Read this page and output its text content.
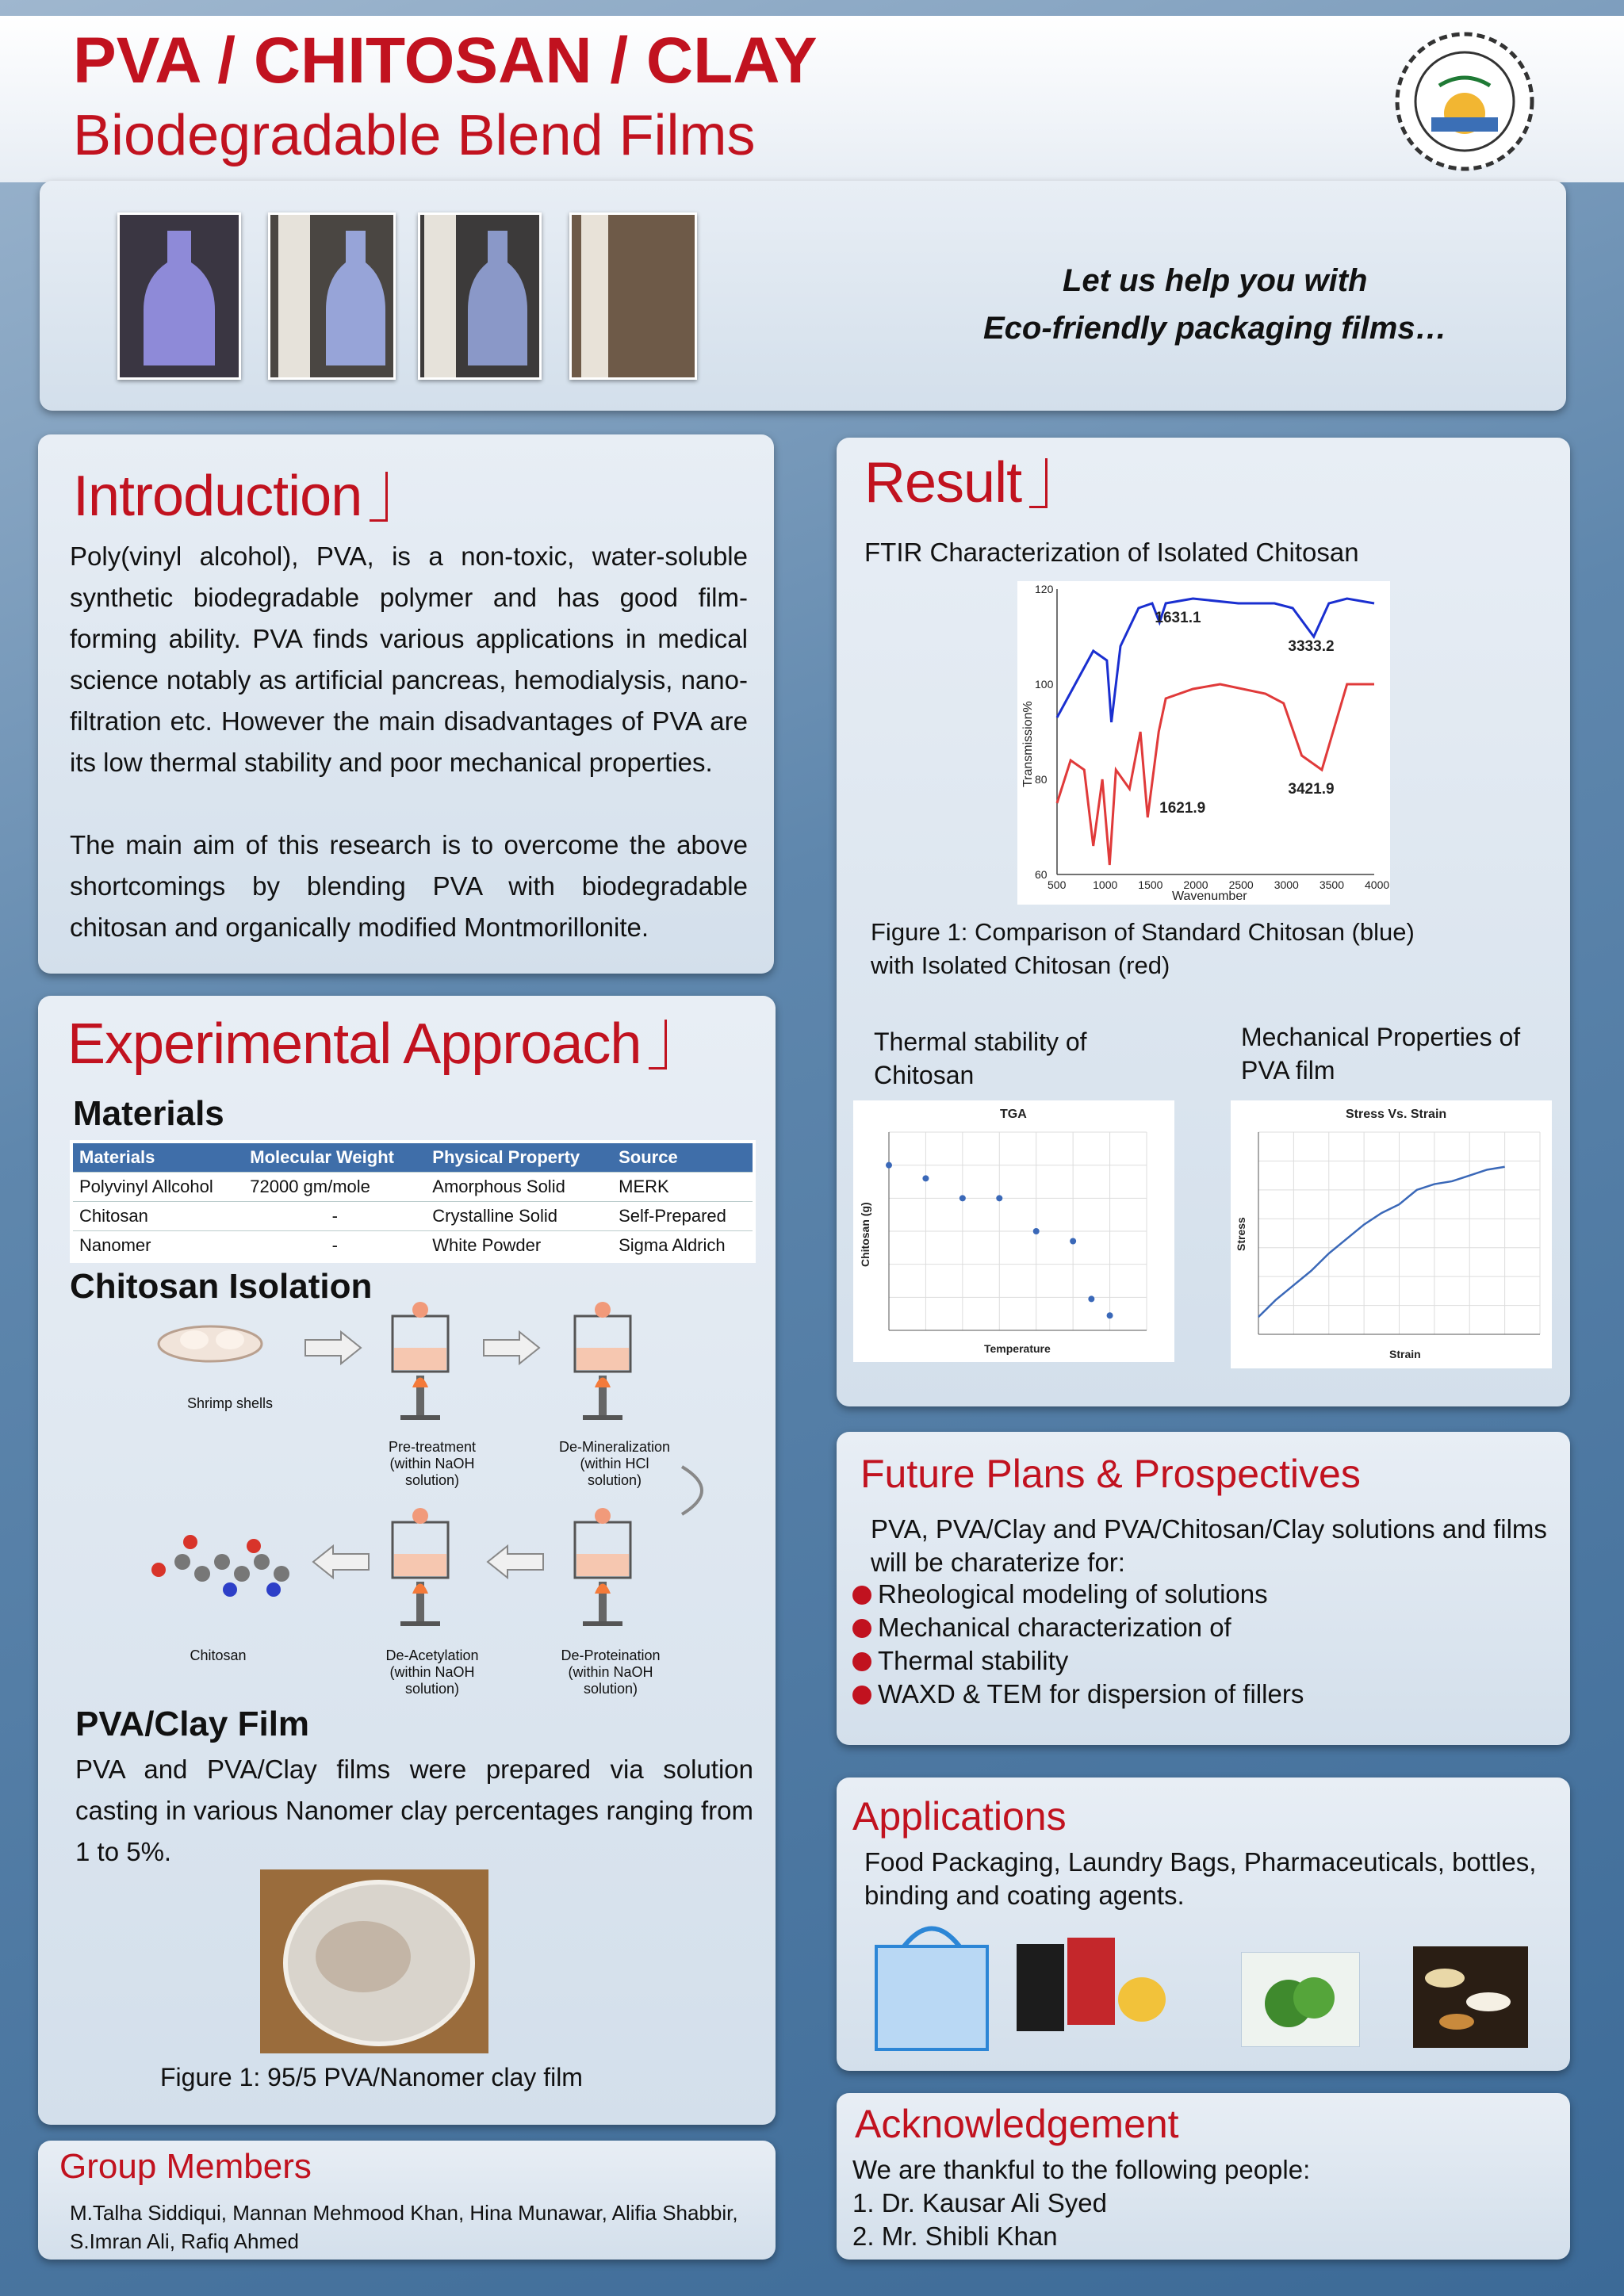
PVA / CHITOSAN / CLAY
Biodegradable Blend Films
Let us help you with
Eco-friendly packaging films…
Introduction
Poly(vinyl alcohol), PVA, is a non-toxic, water-soluble synthetic biodegradable polymer and has good film-forming ability. PVA finds various applications in medical science notably as artificial pancreas, hemodialysis, nano-filtration etc. However the main disadvantages of PVA are its low thermal stability and poor mechanical properties.
The main aim of this research is to overcome the above shortcomings by blending PVA with biodegradable chitosan and organically modified Montmorillonite.
Experimental Approach
Materials
Materials	Molecular Weight	Physical Property	Source
Polyvinyl Allcohol	72000 gm/mole	Amorphous Solid	MERK
Chitosan	-	Crystalline Solid	Self-Prepared
Nanomer	-	White Powder	Sigma Aldrich
Chitosan Isolation
Shrimp shells
Pre-treatment (within NaOH solution)
De-Mineralization (within HCl solution)
Chitosan	De-Acetylation (within NaOH solution)
De-Proteination (within NaOH solution)
PVA/Clay Film
PVA and PVA/Clay films were prepared via solution casting in various Nanomer clay percentages ranging from 1 to 5%.
Figure 1: 95/5 PVA/Nanomer clay film
Group Members
M.Talha Siddiqui, Mannan Mehmood Khan, Hina Munawar, Alifia Shabbir,
S.Imran Ali, Rafiq Ahmed
Result
FTIR Characterization of Isolated Chitosan
500 1000 1500 2000 2500 3000 3500 4000
60
80
100
120
Wavenumber
Transmission%
1631.1
3333.2
1621.9
3421.9
Figure 1: Comparison of Standard Chitosan (blue)
with Isolated Chitosan (red)
Thermal stability of
Chitosan
Mechanical Properties of
PVA film
TGA
Temperature
Chitosan (g)
Stress Vs. Strain
Strain
Stress
Future Plans & Prospectives
PVA, PVA/Clay and PVA/Chitosan/Clay solutions and films
will be charaterize for:
Rheological modeling of solutions
Mechanical characterization of
Thermal stability
WAXD & TEM for dispersion of fillers
Applications
Food Packaging, Laundry Bags, Pharmaceuticals, bottles,
binding and coating agents.
Acknowledgement
We are thankful to the following people:
1. Dr. Kausar Ali Syed
2. Mr. Shibli Khan
